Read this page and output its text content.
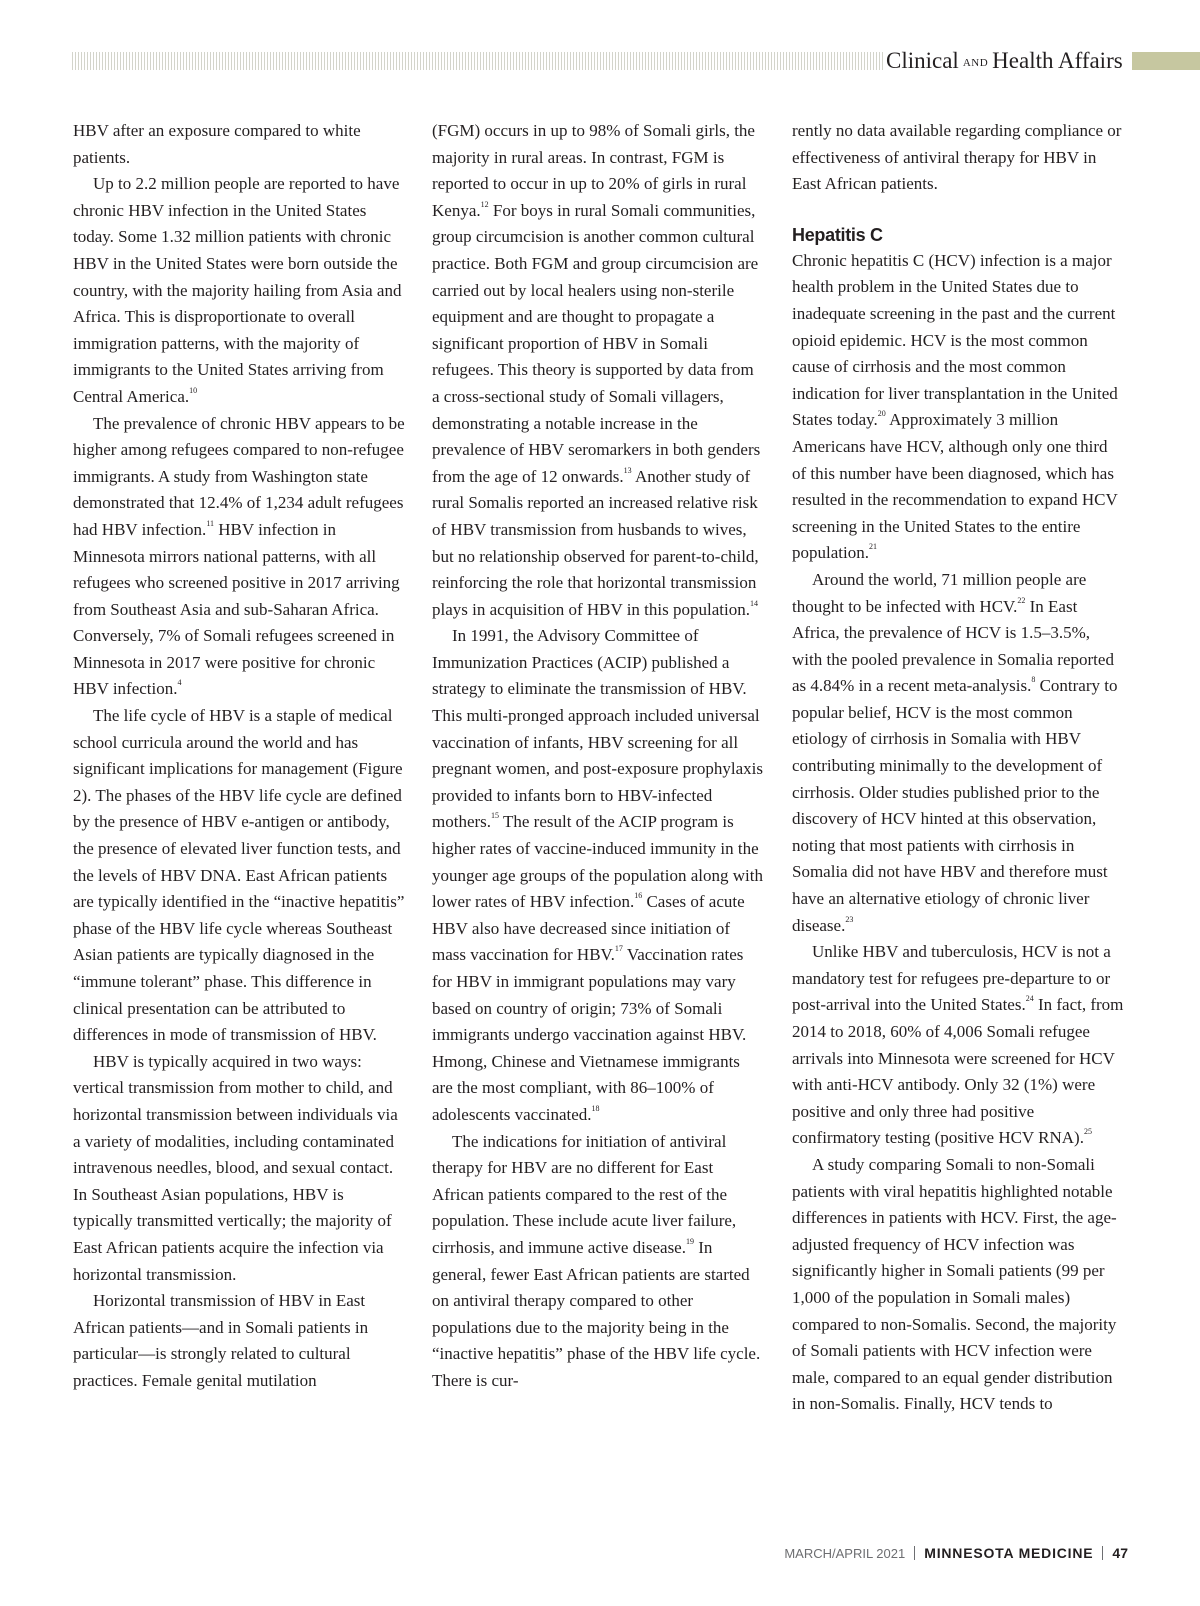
Clinical AND Health Affairs

HBV after an exposure compared to white patients.

Up to 2.2 million people are reported to have chronic HBV infection in the United States today. Some 1.32 million patients with chronic HBV in the United States were born outside the country, with the majority hailing from Asia and Africa. This is disproportionate to overall immigration patterns, with the majority of immigrants to the United States arriving from Central America.$^{10}$

The prevalence of chronic HBV appears to be higher among refugees compared to non-refugee immigrants. A study from Washington state demonstrated that 12.4% of 1,234 adult refugees had HBV infection.$^{11}$ HBV infection in Minnesota mirrors national patterns, with all refugees who screened positive in 2017 arriving from Southeast Asia and sub-Saharan Africa. Conversely, 7% of Somali refugees screened in Minnesota in 2017 were positive for chronic HBV infection.$^4$

The life cycle of HBV is a staple of medical school curricula around the world and has significant implications for management (Figure 2). The phases of the HBV life cycle are defined by the presence of HBV e-antigen or antibody, the presence of elevated liver function tests, and the levels of HBV DNA. East African patients are typically identified in the “inactive hepatitis” phase of the HBV life cycle whereas Southeast Asian patients are typically diagnosed in the “immune tolerant” phase. This difference in clinical presentation can be attributed to differences in mode of transmission of HBV.

HBV is typically acquired in two ways: vertical transmission from mother to child, and horizontal transmission between individuals via a variety of modalities, including contaminated intravenous needles, blood, and sexual contact. In Southeast Asian populations, HBV is typically transmitted vertically; the majority of East African patients acquire the infection via horizontal transmission.

Horizontal transmission of HBV in East African patients—and in Somali patients in particular—is strongly related to cultural practices. Female genital mutilation

(FGM) occurs in up to 98% of Somali girls, the majority in rural areas. In contrast, FGM is reported to occur in up to 20% of girls in rural Kenya.$^{12}$ For boys in rural Somali communities, group circumcision is another common cultural practice. Both FGM and group circumcision are carried out by local healers using non-sterile equipment and are thought to propagate a significant proportion of HBV in Somali refugees. This theory is supported by data from a cross-sectional study of Somali villagers, demonstrating a notable increase in the prevalence of HBV seromarkers in both genders from the age of 12 onwards.$^{13}$ Another study of rural Somalis reported an increased relative risk of HBV transmission from husbands to wives, but no relationship observed for parent-to-child, reinforcing the role that horizontal transmission plays in acquisition of HBV in this population.$^{14}$

In 1991, the Advisory Committee of Immunization Practices (ACIP) published a strategy to eliminate the transmission of HBV. This multi-pronged approach included universal vaccination of infants, HBV screening for all pregnant women, and post-exposure prophylaxis provided to infants born to HBV-infected mothers.$^{15}$ The result of the ACIP program is higher rates of vaccine-induced immunity in the younger age groups of the population along with lower rates of HBV infection.$^{16}$ Cases of acute HBV also have decreased since initiation of mass vaccination for HBV.$^{17}$ Vaccination rates for HBV in immigrant populations may vary based on country of origin; 73% of Somali immigrants undergo vaccination against HBV. Hmong, Chinese and Vietnamese immigrants are the most compliant, with 86–100% of adolescents vaccinated.$^{18}$

The indications for initiation of antiviral therapy for HBV are no different for East African patients compared to the rest of the population. These include acute liver failure, cirrhosis, and immune active disease.$^{19}$ In general, fewer East African patients are started on antiviral therapy compared to other populations due to the majority being in the “inactive hepatitis” phase of the HBV life cycle. There is cur-

rently no data available regarding compliance or effectiveness of antiviral therapy for HBV in East African patients.

Hepatitis C

Chronic hepatitis C (HCV) infection is a major health problem in the United States due to inadequate screening in the past and the current opioid epidemic. HCV is the most common cause of cirrhosis and the most common indication for liver transplantation in the United States today.$^{20}$ Approximately 3 million Americans have HCV, although only one third of this number have been diagnosed, which has resulted in the recommendation to expand HCV screening in the United States to the entire population.$^{21}$

Around the world, 71 million people are thought to be infected with HCV.$^{22}$ In East Africa, the prevalence of HCV is 1.5–3.5%, with the pooled prevalence in Somalia reported as 4.84% in a recent meta-analysis.$^8$ Contrary to popular belief, HCV is the most common etiology of cirrhosis in Somalia with HBV contributing minimally to the development of cirrhosis. Older studies published prior to the discovery of HCV hinted at this observation, noting that most patients with cirrhosis in Somalia did not have HBV and therefore must have an alternative etiology of chronic liver disease.$^{23}$

Unlike HBV and tuberculosis, HCV is not a mandatory test for refugees pre-departure to or post-arrival into the United States.$^{24}$ In fact, from 2014 to 2018, 60% of 4,006 Somali refugee arrivals into Minnesota were screened for HCV with anti-HCV antibody. Only 32 (1%) were positive and only three had positive confirmatory testing (positive HCV RNA).$^{25}$

A study comparing Somali to non-Somali patients with viral hepatitis highlighted notable differences in patients with HCV. First, the age-adjusted frequency of HCV infection was significantly higher in Somali patients (99 per 1,000 of the population in Somali males) compared to non-Somalis. Second, the majority of Somali patients with HCV infection were male, compared to an equal gender distribution in non-Somalis. Finally, HCV tends to

MARCH/APRIL 2021 MINNESOTA MEDICINE 47
